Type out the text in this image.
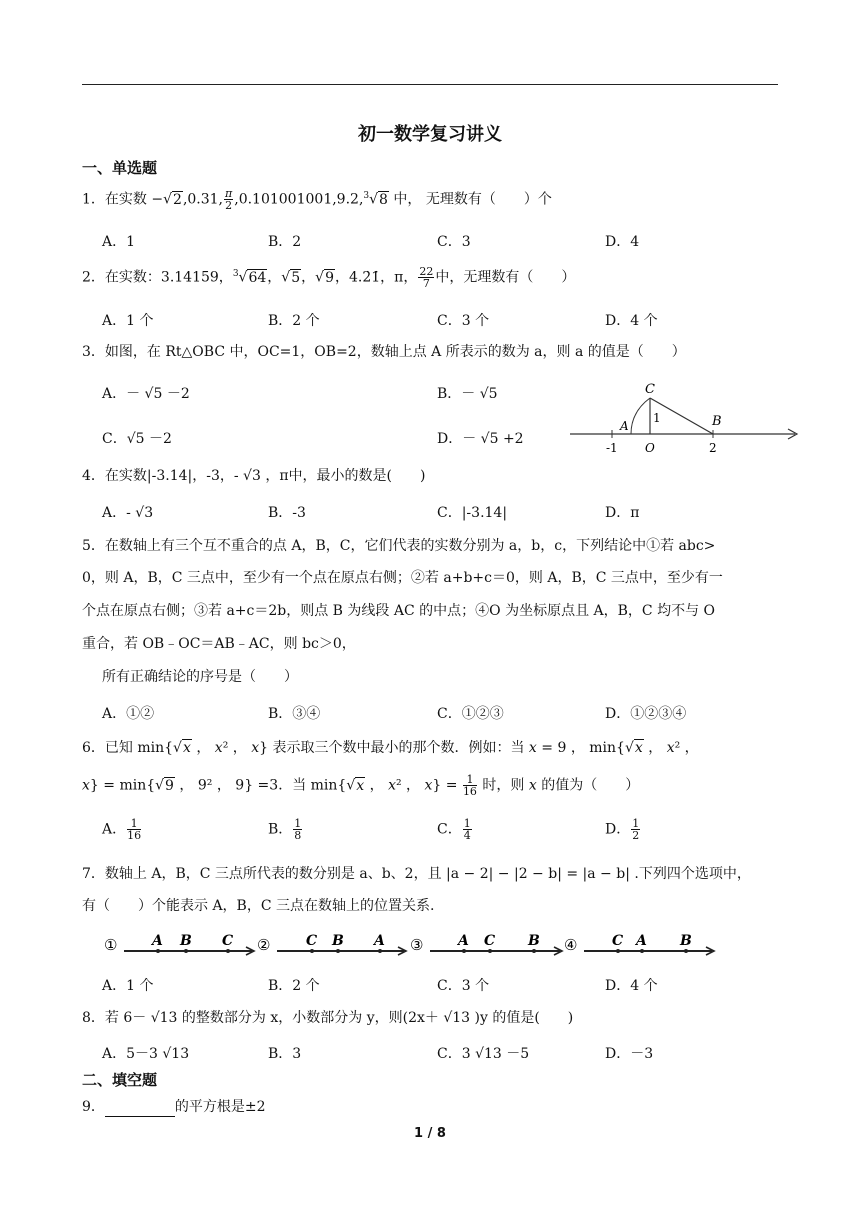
初一数学复习讲义
一、单选题
1．在实数 −√2,0.31, $\frac{\pi}{2} ,0.101001001,9.2,^3√8$ 中， 无理数有（　　）个
A．1	B．2	C．3	D．4
2．在实数：3.14159，$^3$√64，√5，√9，4.2̇1̇，π， $\frac{22}{7}$ 中，无理数有（　　）
A．1 个	B．2 个	C．3 个	D．4 个
3．如图，在 Rt△OBC 中，OC=1，OB=2，数轴上点 A 所表示的数为 a，则 a 的值是（　　）
A．－ √5 －2	B．－ √5
C．√5 －2	D．－ √5 +2
C
1
A	B
-1 O	2
4．在实数|-3.14|，-3，- √3 ，π中，最小的数是(　　)
A．- √3	B．-3	C．|-3.14|	D．π
5．在数轴上有三个互不重合的点 A，B，C，它们代表的实数分别为 a，b，c，下列结论中①若 abc>
0，则 A，B，C 三点中，至少有一个点在原点右侧；②若 a+b+c＝0，则 A，B，C 三点中，至少有一
个点在原点右侧；③若 a+c＝2b，则点 B 为线段 AC 的中点；④O 为坐标原点且 A，B，C 均不与 O
重合，若 OB﹣OC＝AB﹣AC，则 bc＞0，
所有正确结论的序号是（　　）
A．①②	B．③④	C．①②③	D．①②③④
6．已知 min{√x ， x² ， x} 表示取三个数中最小的那个数．例如：当 x = 9 ， min{√x ， x² ，
x} = min{√9 ， 9² ， 9} =3．当 min{√x ， x² ， $x\} = \frac{1}{16}$ 时，则 x 的值为（　　）
A． $\frac{1}{16}$	B． $\frac{1}{8}$	C． $\frac{1}{4}$	D． $\frac{1}{2}$
7．数轴上 A，B，C 三点所代表的数分别是 a、b、2，且 |a − 2| − |2 − b| = |a − b| .下列四个选项中，
有（　　）个能表示 A，B，C 三点在数轴上的位置关系.
① A B C ②	C B A ③ A C B ④ C A B
A．1 个	B．2 个	C．3 个	D．4 个
8．若 6－ √13 的整数部分为 x，小数部分为 y，则(2x＋ √13 )y 的值是(　　)
A．5－3 √13	B．3	C．3 √13 －5	D．－3
二、填空题
9．	的平方根是±2
1 / 8
